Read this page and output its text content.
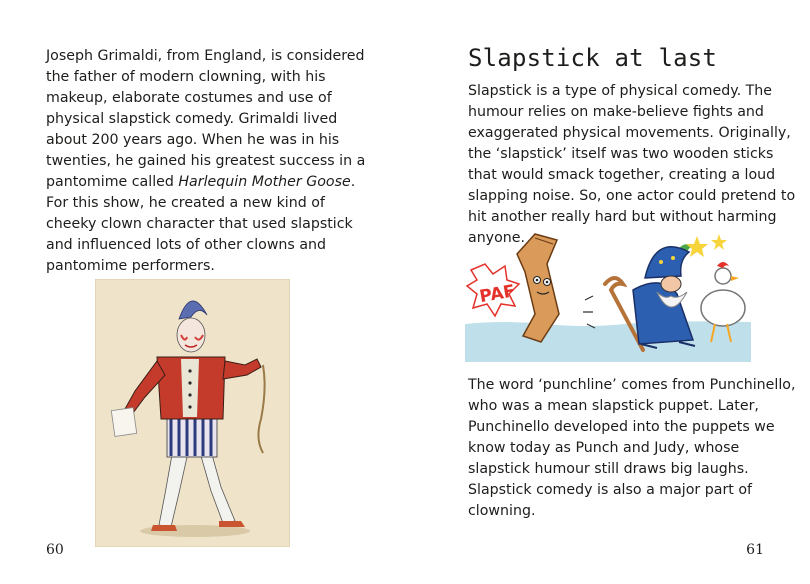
Joseph Grimaldi, from England, is considered the father of modern clowning, with his makeup, elaborate costumes and use of physical slapstick comedy. Grimaldi lived about 200 years ago. When he was in his twenties, he gained his greatest success in a pantomime called Harlequin Mother Goose. For this show, he created a new kind of cheeky clown character that used slapstick and influenced lots of other clowns and pantomime performers.

60
Slapstick at last

Slapstick is a type of physical comedy. The humour relies on make-believe fights and exaggerated physical movements. Originally, the ‘slapstick’ itself was two wooden sticks that would smack together, creating a loud slapping noise. So, one actor could pretend to hit another really hard but without harming anyone.

PAF

The word ‘punchline’ comes from Punchinello, who was a mean slapstick puppet. Later, Punchinello developed into the puppets we know today as Punch and Judy, whose slapstick humour still draws big laughs. Slapstick comedy is also a major part of clowning.

61
